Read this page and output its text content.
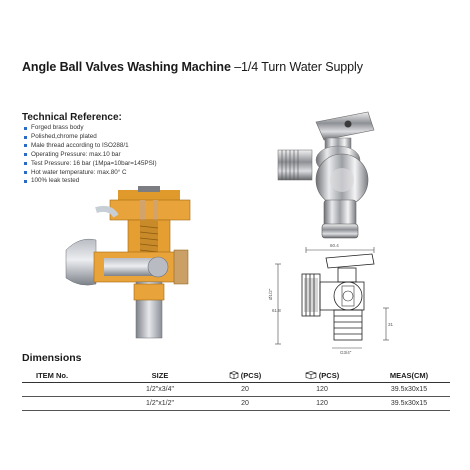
Angle Ball Valves Washing Machine –1/4 Turn Water Supply
Technical Reference:
Forged brass body
Polished,chrome plated
Male thread according to ISO288/1
Operating Pressure: max.10 bar
Test Pressure: 16 bar (1Mpa=10bar=145PSI)
Hot water temperature: max.80° C
100% leak tested
60.4
Ø1/2"
61.8
31
G3/4"
Dimensions
ITEM No.	SIZE	(PCS)	(PCS)	MEAS(CM)
	1/2"x3/4"	20	120	39.5x30x15
	1/2"x1/2"	20	120	39.5x30x15
